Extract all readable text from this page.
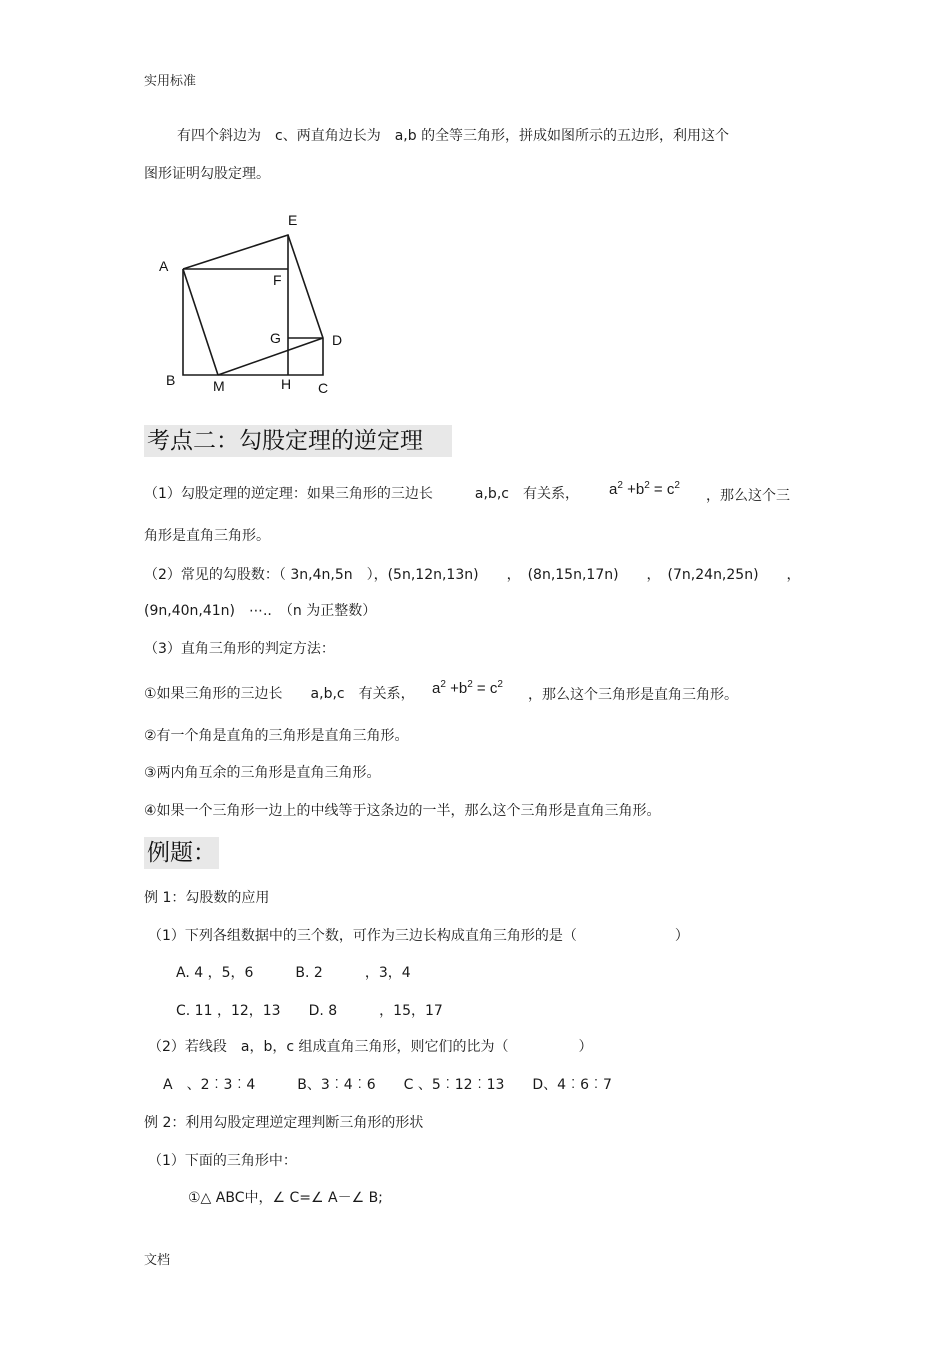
实用标准
有四个斜边为　c、两直角边长为　a,b 的全等三角形，拼成如图所示的五边形，利用这个
图形证明勾股定理。
E
A
F
G	D
B	M	H C
考点二：勾股定理的逆定理
（1）勾股定理的逆定理：如果三角形的三边长　　　a,b,c　有关系， $a^2 +b^2 = c^2$
，那么这个三
角形是直角三角形。
（2）常见的勾股数：（ 3n,4n,5n　），(5n,12n,13n)　　，　(8n,15n,17n)　　，　(7n,24n,25n)　　，
(9n,40n,41n)　⋯..　（n 为正整数）
（3）直角三角形的判定方法：
①如果三角形的三边长　　a,b,c　有关系， $a^2 +b^2 = c^2$
，那么这个三角形是直角三角形。
②有一个角是直角的三角形是直角三角形。
③两内角互余的三角形是直角三角形。
④如果一个三角形一边上的中线等于这条边的一半，那么这个三角形是直角三角形。
例题：
例 1：勾股数的应用
（1）下列各组数据中的三个数，可作为三边长构成直角三角形的是（　　　　　　　）
A. 4 ，5，6　　　B. 2　　　，3，4
C. 11 ，12，13　　D. 8　　　，15，17
（2）若线段　a，b，c 组成直角三角形，则它们的比为（　　　　　）
A　、2︰3︰4　　　B、3︰4︰6　　C 、5︰12︰13　　D、4︰6︰7
例 2：利用勾股定理逆定理判断三角形的形状
（1）下面的三角形中：
①△ ABC中，∠ C=∠ A－∠ B;
文档
